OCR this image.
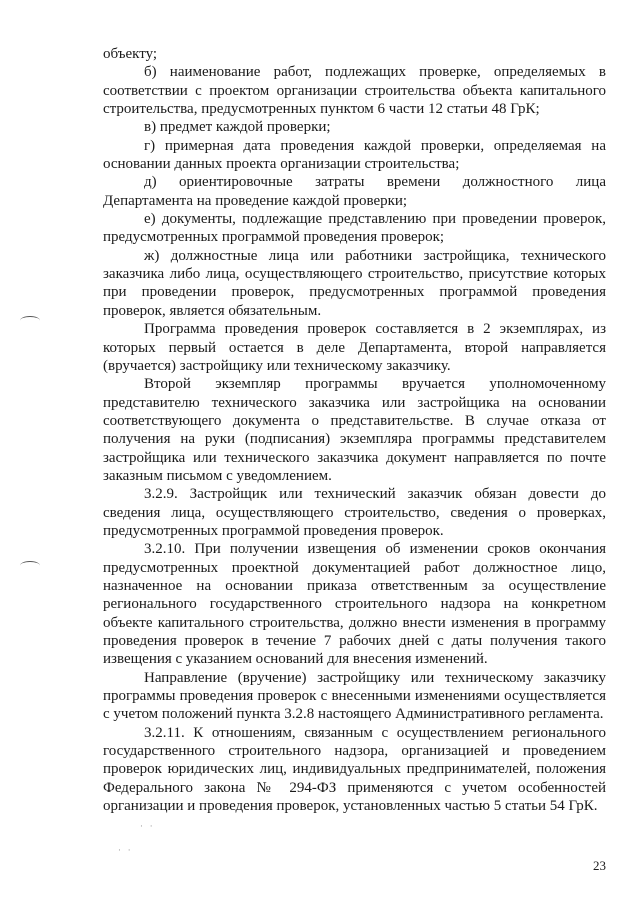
объекту;

б) наименование работ, подлежащих проверке, определяемых в соответствии с проектом организации строительства объекта капитального строительства, предусмотренных пунктом 6 части 12 статьи 48 ГрК;

в) предмет каждой проверки;

г) примерная дата проведения каждой проверки, определяемая на основании данных проекта организации строительства;

д) ориентировочные затраты времени должностного лица Департамента на проведение каждой проверки;

е) документы, подлежащие представлению при проведении проверок, предусмотренных программой проведения проверок;

ж) должностные лица или работники застройщика, технического заказчика либо лица, осуществляющего строительство, присутствие которых при проведении проверок, предусмотренных программой проведения проверок, является обязательным.

Программа проведения проверок составляется в 2 экземплярах, из которых первый остается в деле Департамента, второй направляется (вручается) застройщику или техническому заказчику.

Второй экземпляр программы вручается уполномоченному представителю технического заказчика или застройщика на основании соответствующего документа о представительстве. В случае отказа от получения на руки (подписания) экземпляра программы представителем застройщика или технического заказчика документ направляется по почте заказным письмом с уведомлением.

3.2.9. Застройщик или технический заказчик обязан довести до сведения лица, осуществляющего строительство, сведения о проверках, предусмотренных программой проведения проверок.

3.2.10. При получении извещения об изменении сроков окончания предусмотренных проектной документацией работ должностное лицо, назначенное на основании приказа ответственным за осуществление регионального государственного строительного надзора на конкретном объекте капитального строительства, должно внести изменения в программу проведения проверок в течение 7 рабочих дней с даты получения такого извещения с указанием оснований для внесения изменений.

Направление (вручение) застройщику или техническому заказчику программы проведения проверок с внесенными изменениями осуществляется с учетом положений пункта 3.2.8 настоящего Административного регламента.

3.2.11. К отношениям, связанным с осуществлением регионального государственного строительного надзора, организацией и проведением проверок юридических лиц, индивидуальных предпринимателей, положения Федерального закона № 294-ФЗ применяются с учетом особенностей организации и проведения проверок, установленных частью 5 статьи 54 ГрК.

· ·
· ·
23
